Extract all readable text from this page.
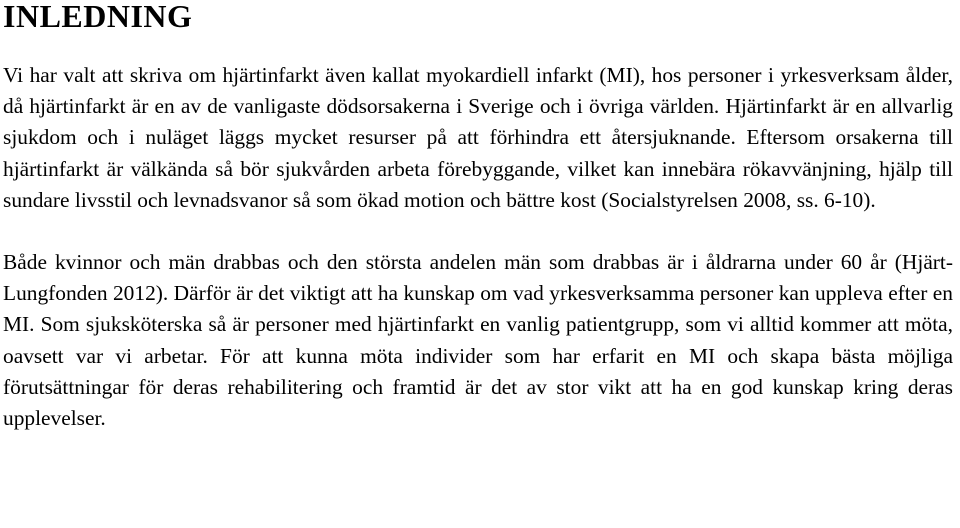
INLEDNING

Vi har valt att skriva om hjärtinfarkt även kallat myokardiell infarkt (MI), hos personer i yrkesverksam ålder, då hjärtinfarkt är en av de vanligaste dödsorsakerna i Sverige och i övriga världen. Hjärtinfarkt är en allvarlig sjukdom och i nuläget läggs mycket resurser på att förhindra ett återsjuknande. Eftersom orsakerna till hjärtinfarkt är välkända så bör sjukvården arbeta förebyggande, vilket kan innebära rökavvänjning, hjälp till sundare livsstil och levnadsvanor så som ökad motion och bättre kost (Socialstyrelsen 2008, ss. 6-10).

Både kvinnor och män drabbas och den största andelen män som drabbas är i åldrarna under 60 år (Hjärt- Lungfonden 2012). Därför är det viktigt att ha kunskap om vad yrkesverksamma personer kan uppleva efter en MI. Som sjuksköterska så är personer med hjärtinfarkt en vanlig patientgrupp, som vi alltid kommer att möta, oavsett var vi arbetar. För att kunna möta individer som har erfarit en MI och skapa bästa möjliga förutsättningar för deras rehabilitering och framtid är det av stor vikt att ha en god kunskap kring deras upplevelser.
